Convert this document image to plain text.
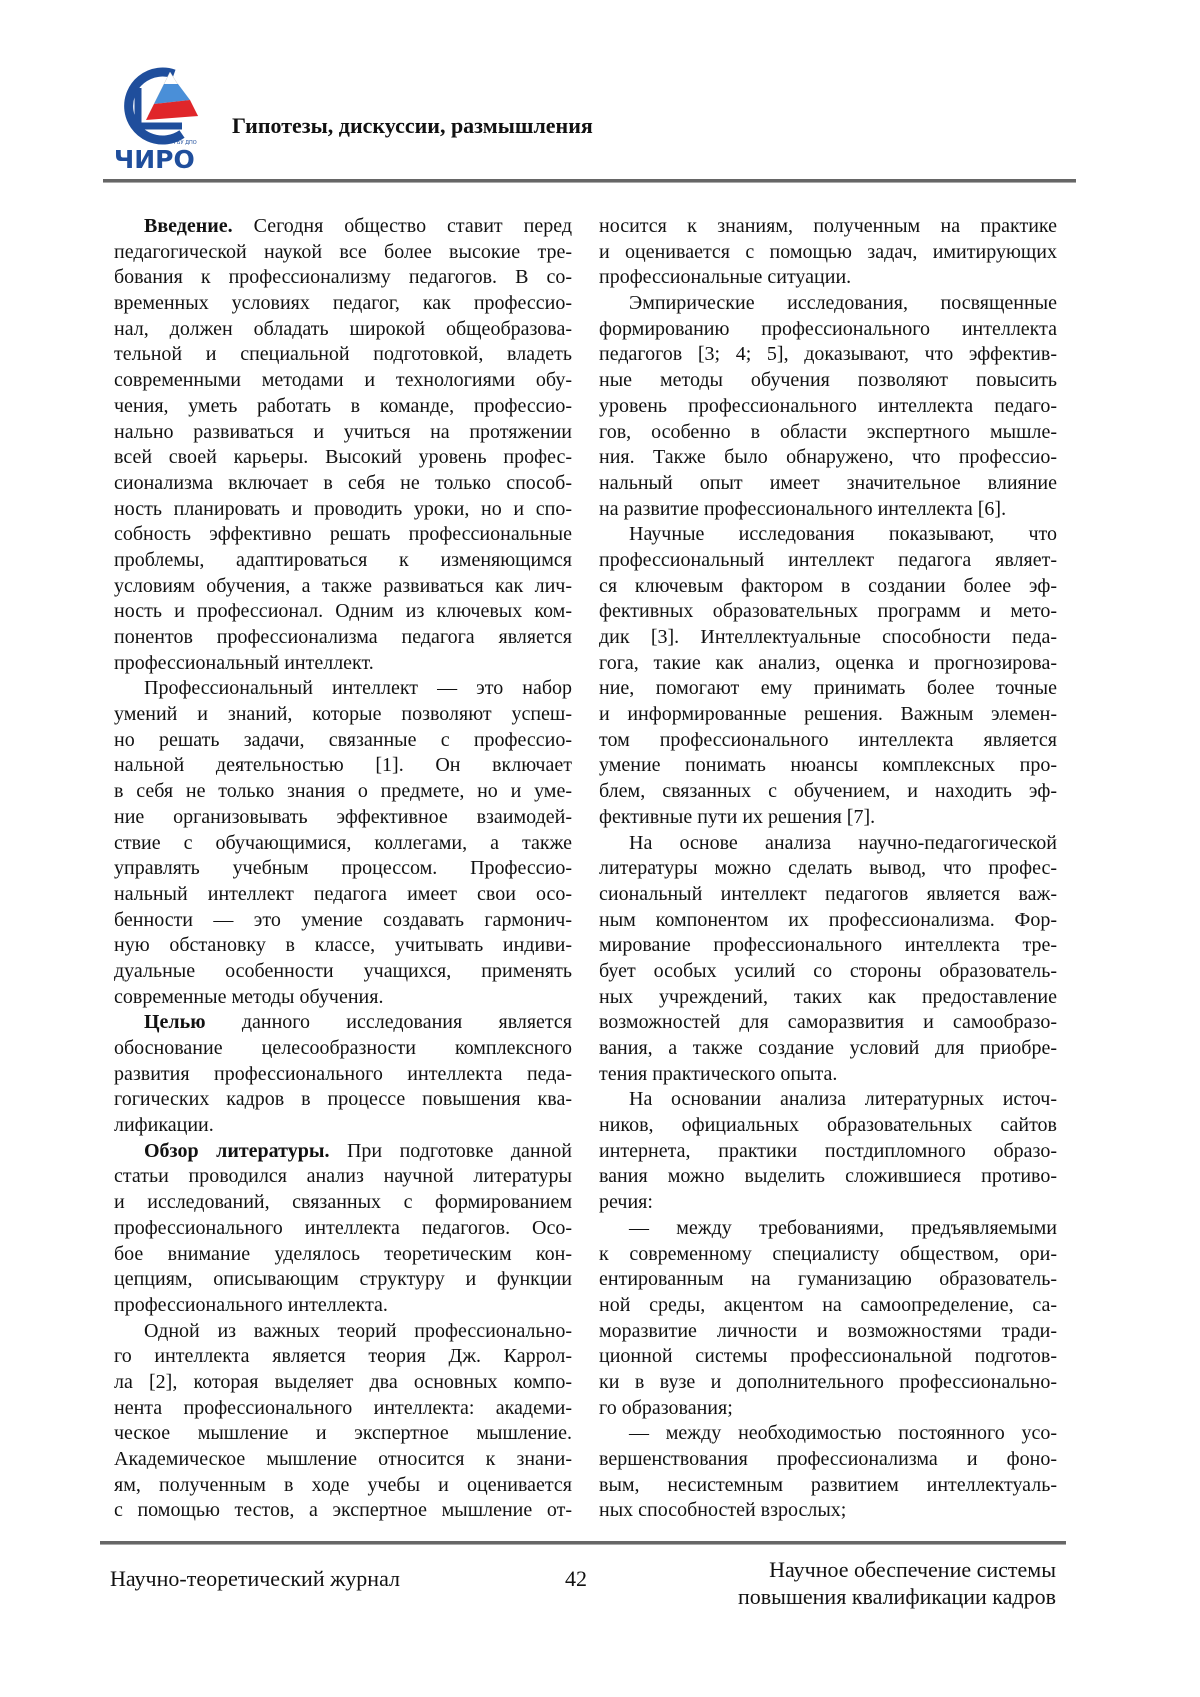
ГБУ ДПО
ЧИРО
Гипотезы, дискуссии, размышления
Введение. Сегодня общество ставит перед
педагогической наукой все более высокие тре-
бования к профессионализму педагогов. В со-
временных условиях педагог, как профессио-
нал, должен обладать широкой общеобразова-
тельной и специальной подготовкой, владеть
современными методами и технологиями обу-
чения, уметь работать в команде, профессио-
нально развиваться и учиться на протяжении
всей своей карьеры. Высокий уровень профес-
сионализма включает в себя не только способ-
ность планировать и проводить уроки, но и спо-
собность эффективно решать профессиональные
проблемы, адаптироваться к изменяющимся
условиям обучения, а также развиваться как лич-
ность и профессионал. Одним из ключевых ком-
понентов профессионализма педагога является
профессиональный интеллект.
Профессиональный интеллект — это набор
умений и знаний, которые позволяют успеш-
но решать задачи, связанные с профессио-
нальной деятельностью [1]. Он включает
в себя не только знания о предмете, но и уме-
ние организовывать эффективное взаимодей-
ствие с обучающимися, коллегами, а также
управлять учебным процессом. Профессио-
нальный интеллект педагога имеет свои осо-
бенности — это умение создавать гармонич-
ную обстановку в классе, учитывать индиви-
дуальные особенности учащихся, применять
современные методы обучения.
Целью данного исследования является
обоснование целесообразности комплексного
развития профессионального интеллекта педа-
гогических кадров в процессе повышения ква-
лификации.
Обзор литературы. При подготовке данной
статьи проводился анализ научной литературы
и исследований, связанных с формированием
профессионального интеллекта педагогов. Осо-
бое внимание уделялось теоретическим кон-
цепциям, описывающим структуру и функции
профессионального интеллекта.
Одной из важных теорий профессионально-
го интеллекта является теория Дж. Каррол-
ла [2], которая выделяет два основных компо-
нента профессионального интеллекта: академи-
ческое мышление и экспертное мышление.
Академическое мышление относится к знани-
ям, полученным в ходе учебы и оценивается
с помощью тестов, а экспертное мышление от-
носится к знаниям, полученным на практике
и оценивается с помощью задач, имитирующих
профессиональные ситуации.
Эмпирические исследования, посвященные
формированию профессионального интеллекта
педагогов [3; 4; 5], доказывают, что эффектив-
ные методы обучения позволяют повысить
уровень профессионального интеллекта педаго-
гов, особенно в области экспертного мышле-
ния. Также было обнаружено, что профессио-
нальный опыт имеет значительное влияние
на развитие профессионального интеллекта [6].
Научные исследования показывают, что
профессиональный интеллект педагога являет-
ся ключевым фактором в создании более эф-
фективных образовательных программ и мето-
дик [3]. Интеллектуальные способности педа-
гога, такие как анализ, оценка и прогнозирова-
ние, помогают ему принимать более точные
и информированные решения. Важным элемен-
том профессионального интеллекта является
умение понимать нюансы комплексных про-
блем, связанных с обучением, и находить эф-
фективные пути их решения [7].
На основе анализа научно-педагогической
литературы можно сделать вывод, что профес-
сиональный интеллект педагогов является важ-
ным компонентом их профессионализма. Фор-
мирование профессионального интеллекта тре-
бует особых усилий со стороны образователь-
ных учреждений, таких как предоставление
возможностей для саморазвития и самообразо-
вания, а также создание условий для приобре-
тения практического опыта.
На основании анализа литературных источ-
ников, официальных образовательных сайтов
интернета, практики постдипломного образо-
вания можно выделить сложившиеся противо-
речия:
— между требованиями, предъявляемыми
к современному специалисту обществом, ори-
ентированным на гуманизацию образователь-
ной среды, акцентом на самоопределение, са-
моразвитие личности и возможностями тради-
ционной системы профессиональной подготов-
ки в вузе и дополнительного профессионально-
го образования;
— между необходимостью постоянного усо-
вершенствования профессионализма и фоно-
вым, несистемным развитием интеллектуаль-
ных способностей взрослых;
Научно-теоретический журнал	42	Научное обеспечение системы
повышения квалификации кадров
